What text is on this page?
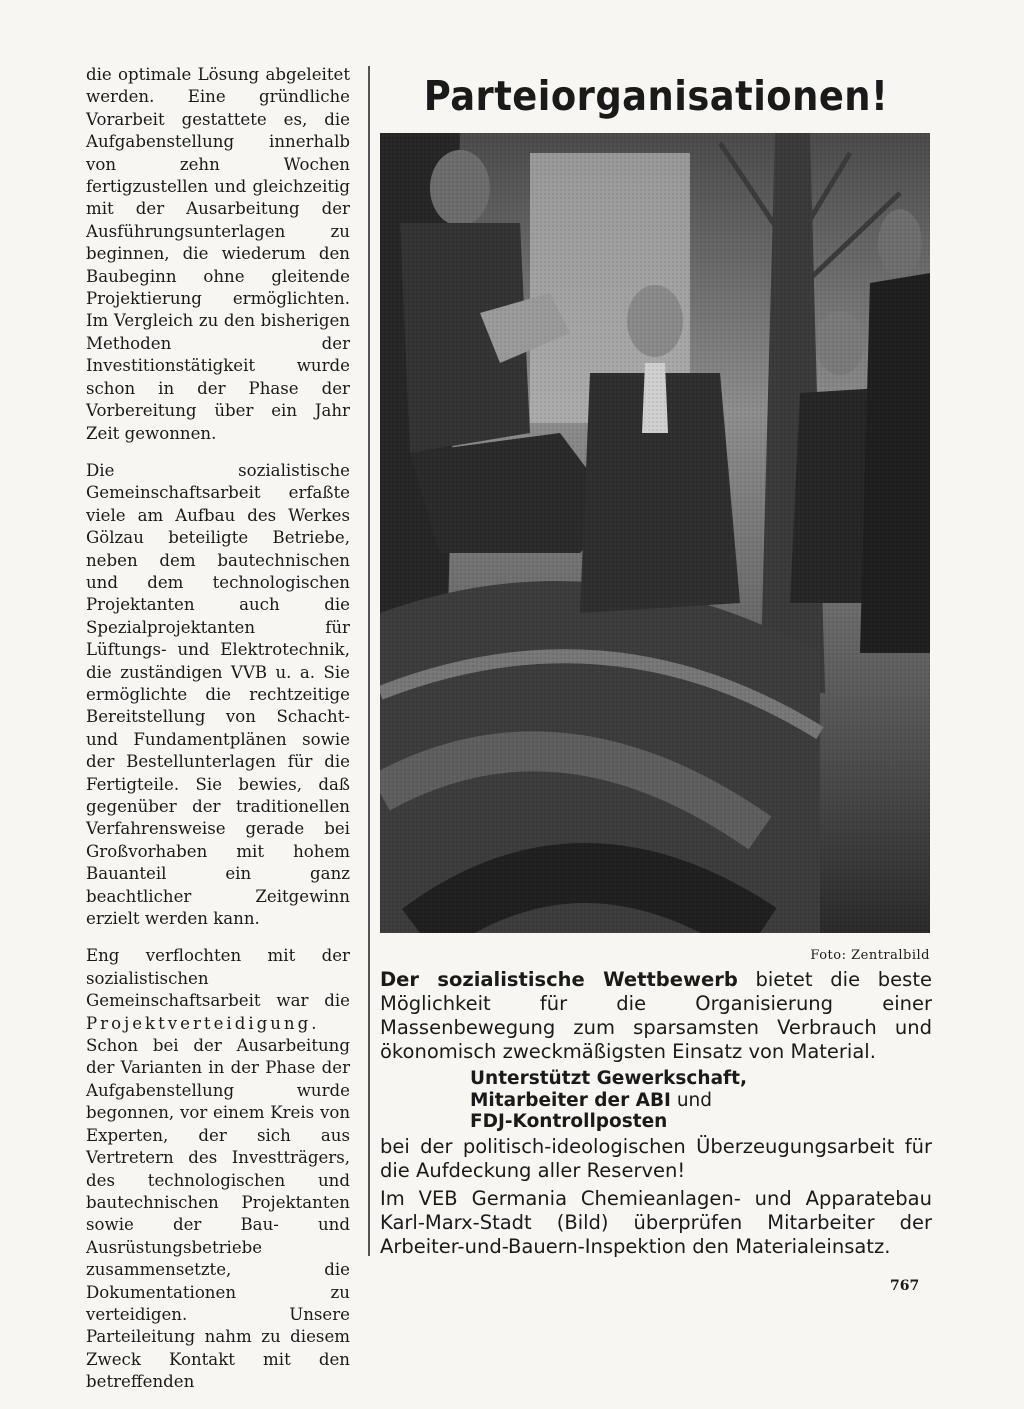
die optimale Lösung abgeleitet werden. Eine gründliche Vorarbeit gestattete es, die Aufgabenstellung innerhalb von zehn Wochen fertigzustellen und gleichzeitig mit der Ausarbeitung der Ausführungsunterlagen zu beginnen, die wiederum den Baubeginn ohne gleitende Projektierung ermöglichten. Im Vergleich zu den bisherigen Methoden der Investitionstätigkeit wurde schon in der Phase der Vorbereitung über ein Jahr Zeit gewonnen.

Die sozialistische Gemeinschaftsarbeit erfaßte viele am Aufbau des Werkes Gölzau beteiligte Betriebe, neben dem bautechnischen und dem technologischen Projektanten auch die Spezialprojektanten für Lüftungs- und Elektrotechnik, die zuständigen VVB u. a. Sie ermöglichte die rechtzeitige Bereitstellung von Schacht- und Fundamentplänen sowie der Bestellunterlagen für die Fertigteile. Sie bewies, daß gegenüber der traditionellen Verfahrensweise gerade bei Großvorhaben mit hohem Bauanteil ein ganz beachtlicher Zeitgewinn erzielt werden kann.

Eng verflochten mit der sozialistischen Gemeinschaftsarbeit war die Projektverteidigung. Schon bei der Ausarbeitung der Varianten in der Phase der Aufgabenstellung wurde begonnen, vor einem Kreis von Experten, der sich aus Vertretern des Investträgers, des technologischen und bautechnischen Projektanten sowie der Bau- und Ausrüstungsbetriebe zusammensetzte, die Dokumentationen zu verteidigen. Unsere Parteileitung nahm zu diesem Zweck Kontakt mit den betreffenden

Parteiorganisationen!
Foto: Zentralbild

Der sozialistische Wettbewerb bietet die beste Möglichkeit für die Organisierung einer Massenbewegung zum sparsamsten Verbrauch und ökonomisch zweckmäßigsten Einsatz von Material.

Unterstützt Gewerkschaft,
Mitarbeiter der ABI und
FDJ-Kontrollposten

bei der politisch-ideologischen Überzeugungsarbeit für die Aufdeckung aller Reserven!

Im VEB Germania Chemieanlagen- und Apparatebau Karl-Marx-Stadt (Bild) überprüfen Mitarbeiter der Arbeiter-und-Bauern-Inspektion den Materialeinsatz.

767
